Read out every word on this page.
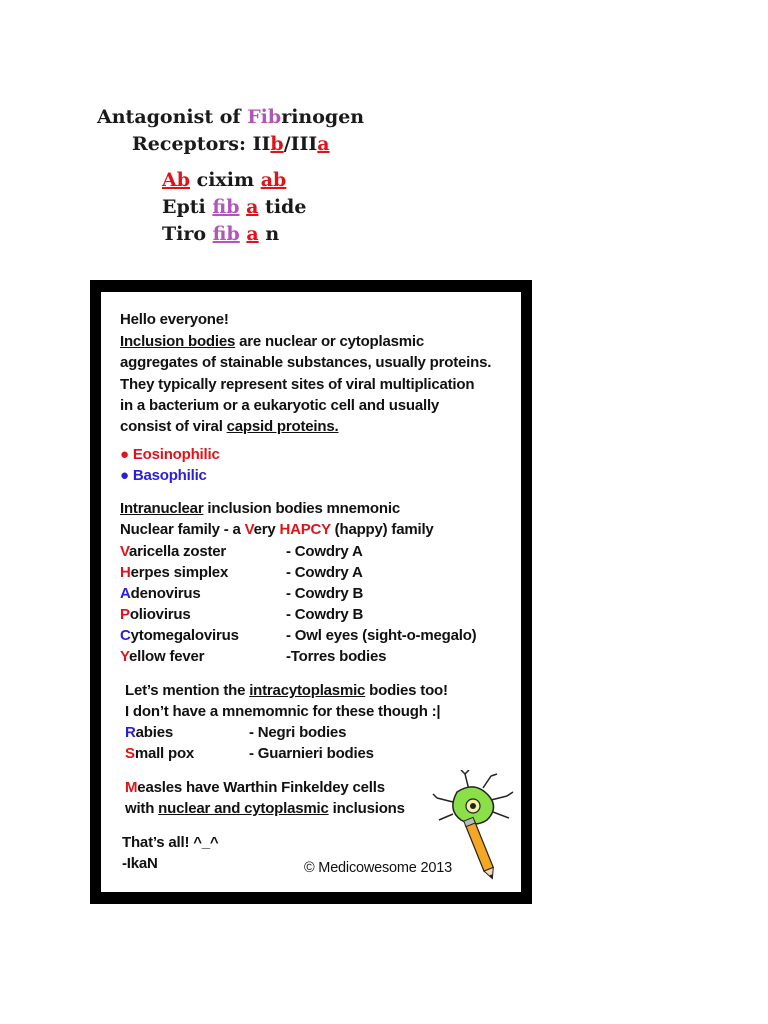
Antagonist of Fibrinogen
Receptors: IIb/IIIa
Ab cixim ab
Epti fib a tide
Tiro fib a n
Hello everyone!
Inclusion bodies are nuclear or cytoplasmic
aggregates of stainable substances, usually proteins.
They typically represent sites of viral multiplication
in a bacterium or a eukaryotic cell and usually
consist of viral capsid proteins.
● Eosinophilic
● Basophilic
Intranuclear inclusion bodies mnemonic
Nuclear family - a Very HAPCY (happy) family
Varicella zoster	- Cowdry A
Herpes simplex	- Cowdry A
Adenovirus	- Cowdry B
Poliovirus	- Cowdry B
Cytomegalovirus	- Owl eyes (sight-o-megalo)
Yellow fever	-Torres bodies
Let’s mention the intracytoplasmic bodies too!
I don’t have a mnemomnic for these though :|
Rabies	- Negri bodies
Small pox	- Guarnieri bodies
Measles have Warthin Finkeldey cells
with nuclear and cytoplasmic inclusions
That’s all! ^_^
-IkaN	© Medicowesome 2013
